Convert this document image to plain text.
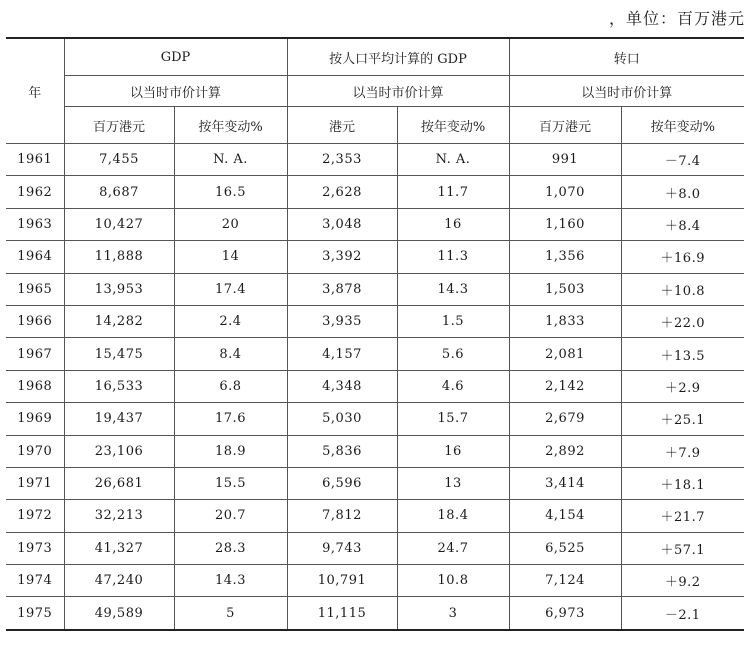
，单位：百万港元
年	GDP		按人口平均计算的 GDP		转口	
	以当时市价计算		以当时市价计算		以当时市价计算	
	百万港元	按年变动%	港元	按年变动%	百万港元	按年变动%
1961	7,455	N. A.	2,353	N. A.	991	－7.4
1962	8,687	16.5	2,628	11.7	1,070	＋8.0
1963	10,427	20	3,048	16	1,160	＋8.4
1964	11,888	14	3,392	11.3	1,356	＋16.9
1965	13,953	17.4	3,878	14.3	1,503	＋10.8
1966	14,282	2.4	3,935	1.5	1,833	＋22.0
1967	15,475	8.4	4,157	5.6	2,081	＋13.5
1968	16,533	6.8	4,348	4.6	2,142	＋2.9
1969	19,437	17.6	5,030	15.7	2,679	＋25.1
1970	23,106	18.9	5,836	16	2,892	＋7.9
1971	26,681	15.5	6,596	13	3,414	＋18.1
1972	32,213	20.7	7,812	18.4	4,154	＋21.7
1973	41,327	28.3	9,743	24.7	6,525	＋57.1
1974	47,240	14.3	10,791	10.8	7,124	＋9.2
1975	49,589	5	11,115	3	6,973	－2.1
